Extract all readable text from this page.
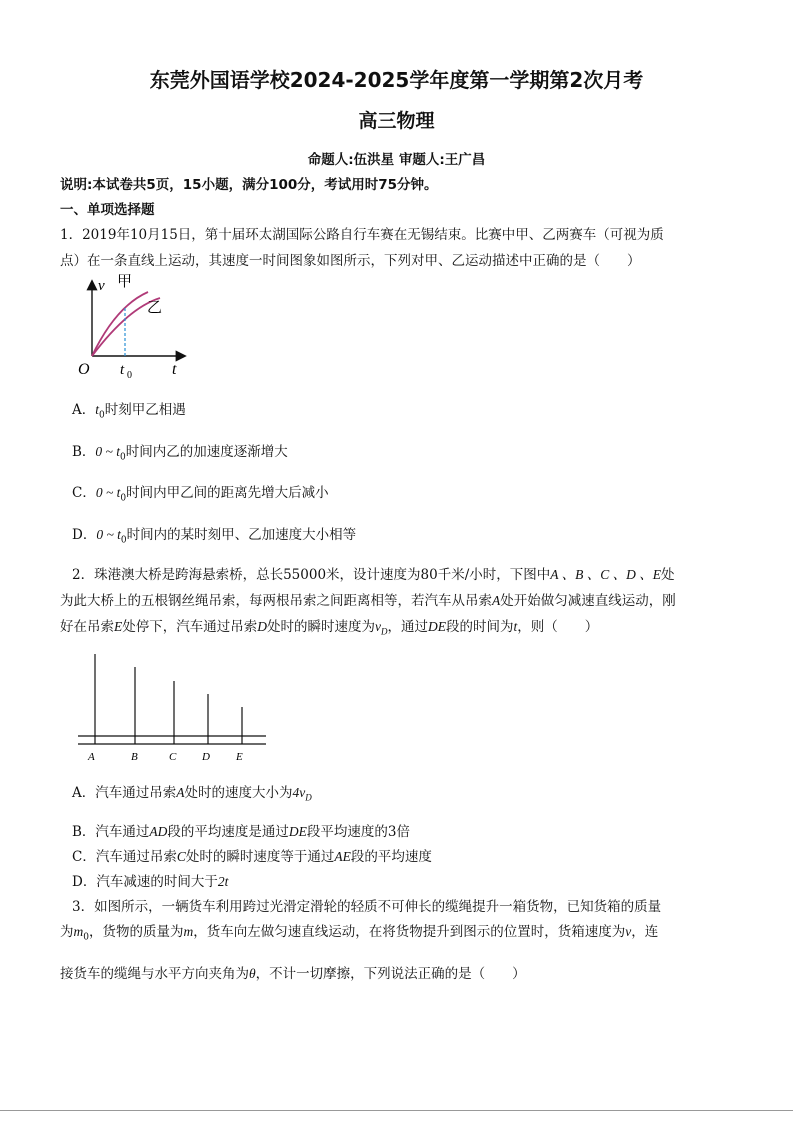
东莞外国语学校2024-2025学年度第一学期第2次月考
高三物理
命题人:伍洪星 审题人:王广昌
说明:本试卷共5页，15小题，满分100分，考试用时75分钟。
一、单项选择题
1．2019年10月15日，第十届环太湖国际公路自行车赛在无锡结束。比赛中甲、乙两赛车（可视为质
点）在一条直线上运动，其速度一时间图象如图所示，下列对甲、乙运动描述中正确的是（　　）
v 甲
乙
O t 0	t
A．$t_0$时刻甲乙相遇
B．0 ~ $t_0$时间内乙的加速度逐渐增大
C．0 ~ $t_0$时间内甲乙间的距离先增大后减小
D．0 ~ $t_0$时间内的某时刻甲、乙加速度大小相等
2．珠港澳大桥是跨海悬索桥，总长55000米，设计速度为80千米/小时，下图中A 、B 、C 、D 、E处
为此大桥上的五根钢丝绳吊索，每两根吊索之间距离相等，若汽车从吊索A处开始做匀减速直线运动，刚
好在吊索E处停下，汽车通过吊索D处时的瞬时速度为$v_D$，通过DE段的时间为t，则（　　）
A	B	C D E
A．汽车通过吊索A处时的速度大小为$4v_D$
B．汽车通过AD段的平均速度是通过DE段平均速度的3倍
C．汽车通过吊索C处时的瞬时速度等于通过AE段的平均速度
D．汽车减速的时间大于2t
3．如图所示，一辆货车利用跨过光滑定滑轮的轻质不可伸长的缆绳提升一箱货物，已知货箱的质量
为$m_0$，货物的质量为m，货车向左做匀速直线运动，在将货物提升到图示的位置时，货箱速度为v，连
接货车的缆绳与水平方向夹角为θ，不计一切摩擦，下列说法正确的是（　　）
